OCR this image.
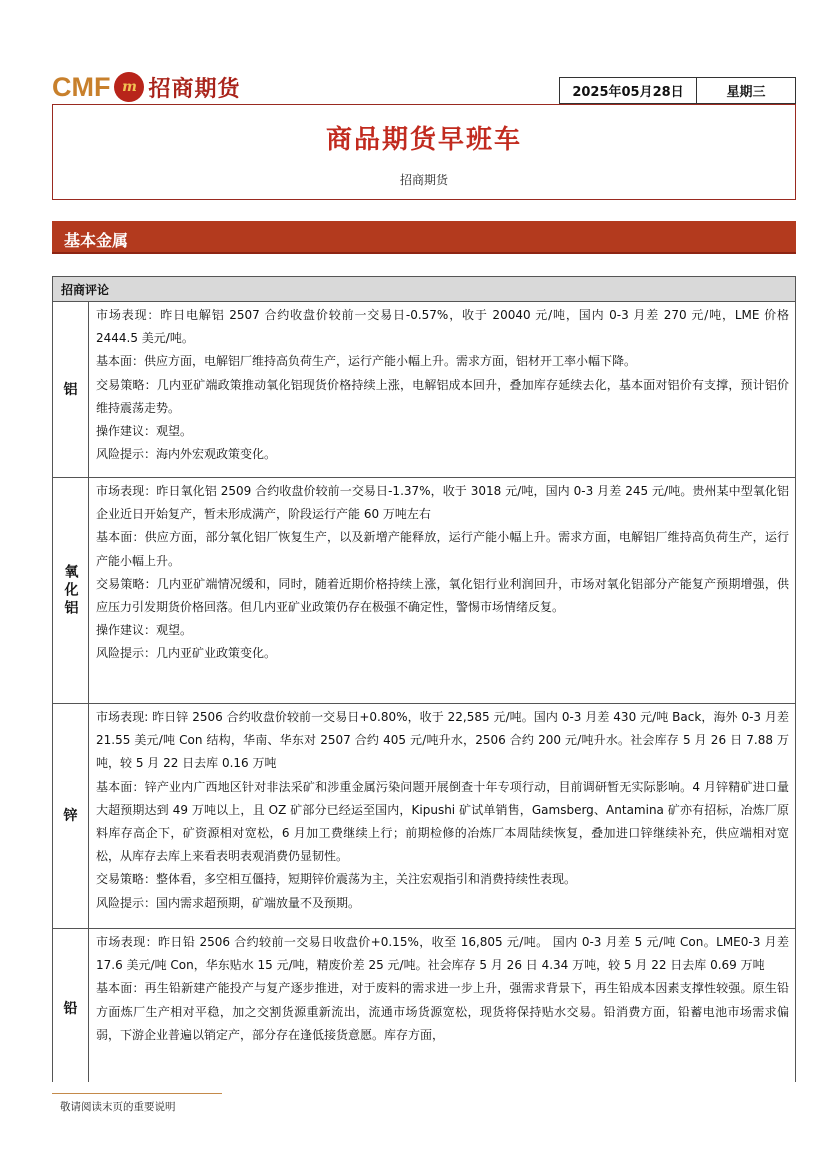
CMF m 招商期货	2025年05月28日	星期三
商品期货早班车
招商期货
基本金属
招商评论
铝

市场表现：昨日电解铝 2507 合约收盘价较前一交易日-0.57%，收于 20040 元/吨，国内 0-3 月差 270 元/吨，LME 价格 2444.5 美元/吨。

基本面：供应方面，电解铝厂维持高负荷生产，运行产能小幅上升。需求方面，铝材开工率小幅下降。

交易策略：几内亚矿端政策推动氧化铝现货价格持续上涨，电解铝成本回升，叠加库存延续去化，基本面对铝价有支撑，预计铝价维持震荡走势。

操作建议：观望。

风险提示：海内外宏观政策变化。

氧化铝

市场表现：昨日氧化铝 2509 合约收盘价较前一交易日-1.37%，收于 3018 元/吨，国内 0-3 月差 245 元/吨。贵州某中型氧化铝企业近日开始复产，暂未形成满产，阶段运行产能 60 万吨左右

基本面：供应方面，部分氧化铝厂恢复生产，以及新增产能释放，运行产能小幅上升。需求方面，电解铝厂维持高负荷生产，运行产能小幅上升。

交易策略：几内亚矿端情况缓和，同时，随着近期价格持续上涨，氧化铝行业利润回升，市场对氧化铝部分产能复产预期增强，供应压力引发期货价格回落。但几内亚矿业政策仍存在极强不确定性，警惕市场情绪反复。

操作建议：观望。

风险提示：几内亚矿业政策变化。

锌

市场表现: 昨日锌 2506 合约收盘价较前一交易日+0.80%，收于 22,585 元/吨。国内 0-3 月差 430 元/吨 Back，海外 0-3 月差 21.55 美元/吨 Con 结构，华南、华东对 2507 合约 405 元/吨升水，2506 合约 200 元/吨升水。社会库存 5 月 26 日 7.88 万吨，较 5 月 22 日去库 0.16 万吨

基本面：锌产业内广西地区针对非法采矿和涉重金属污染问题开展倒查十年专项行动，目前调研暂无实际影响。4 月锌精矿进口量大超预期达到 49 万吨以上，且 OZ 矿部分已经运至国内，Kipushi 矿试单销售，Gamsberg、Antamina 矿亦有招标，冶炼厂原料库存高企下，矿资源相对宽松，6 月加工费继续上行；前期检修的冶炼厂本周陆续恢复，叠加进口锌继续补充，供应端相对宽松，从库存去库上来看表明表观消费仍显韧性。

交易策略：整体看，多空相互僵持，短期锌价震荡为主，关注宏观指引和消费持续性表现。

风险提示：国内需求超预期，矿端放量不及预期。

铅

市场表现：昨日铅 2506 合约较前一交易日收盘价+0.15%，收至 16,805 元/吨。 国内 0-3 月差 5 元/吨 Con。LME0-3 月差 17.6 美元/吨 Con，华东贴水 15 元/吨，精废价差 25 元/吨。社会库存 5 月 26 日 4.34 万吨，较 5 月 22 日去库 0.69 万吨

基本面：再生铅新建产能投产与复产逐步推进，对于废料的需求进一步上升，强需求背景下，再生铅成本因素支撑性较强。原生铅方面炼厂生产相对平稳，加之交割货源重新流出，流通市场货源宽松，现货将保持贴水交易。铅消费方面，铅蓄电池市场需求偏弱，下游企业普遍以销定产，部分存在逢低接货意愿。库存方面，

敬请阅读末页的重要说明
